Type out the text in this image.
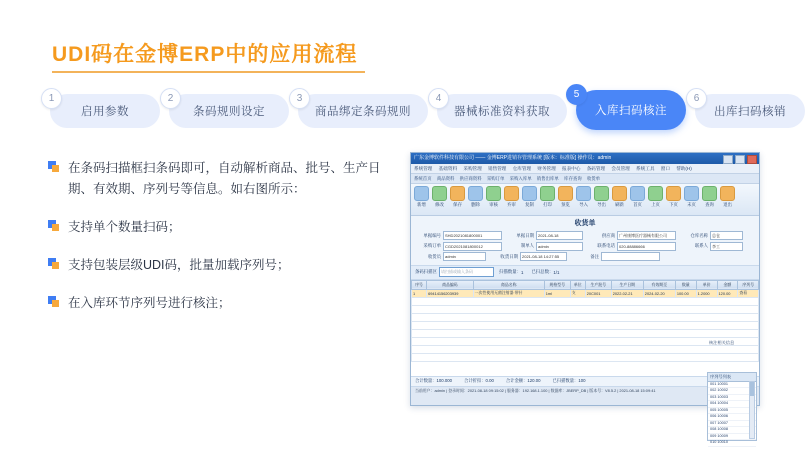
UDI码在金博ERP中的应用流程
启用参数
1
条码规则设定
2
商品绑定条码规则
3
器械标准资料获取
4
入库扫码核注
5
出库扫码核销
6
在条码扫描框扫条码即可，自动解析商品、批号、生产日期、有效期、序列号等信息。如右图所示：
支持单个数量扫码；
支持包装层级UDI码，批量加载序列号；
在入库环节序列号进行核注；
广东金博软件科技有限公司 —— 金博ERP进销存管理系统 [版本：标准版] 操作员：admin
系统管理 基础资料 采购管理 销售管理 仓库管理 财务管理 报表中心 条码管理 会员管理 系统工具 窗口 帮助(H)
系统首页 商品资料 供应商资料 采购订单 采购入库单 销售出库单 库存查询 收货单
新增	修改	保存	删除	审核	弃审	复制	打印	预览	导入	导出	刷新	首页	上页	下页	末页	查询	退出
收货单
单据编号	SHD2021081800001	单据日期	2021-08-18	供应商	广州康博医疗器械有限公司	仓库名称	总仓
采购订单	CGD2021081800012	制单人	admin	联系电话	020-88886666	联系人	李工
收货员	admin	收货日期	2021-08-18 14:27:55	备注
条码扫描区	请扫描或输入条码	扫描数量： 1 已扫总数： 1/1
序号	商品编码	商品名称	规格型号	单位	生产批号	生产日期	有效期至	数量	单价	金额	序列号
1	69414156203939	一次性使用无菌注射器 带针	1ml	支	20C001	2022-02-21	2024-02-20	100.00	1.2000	120.00	查看

核注相关信息
序列号列表
001 10001
002 10002
003 10003
004 10004
005 10005
006 10006
007 10007
008 10008
009 10009
010 10010
合计数量：100.000	合计折扣：0.00	合计金额：120.00	已扫描数量：100
当前用户：admin | 登录时间：2021-08-18 09:15:02 | 服务器：192.168.1.100 | 数据库：JBERP_DB | 版本号：V8.5.2 | 2021-08-18 15:09:41
